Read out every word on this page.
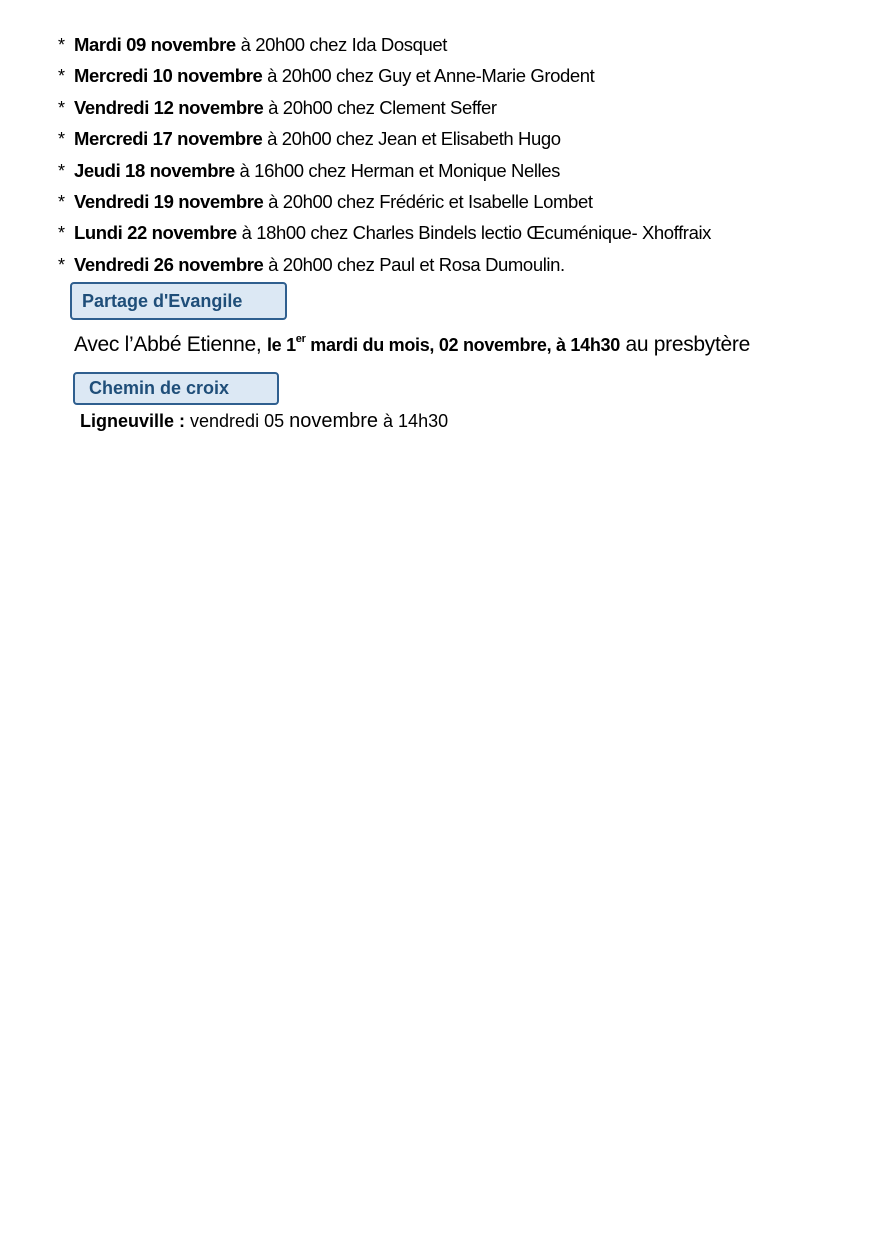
* Mardi 09 novembre à 20h00 chez Ida Dosquet
* Mercredi 10 novembre à 20h00 chez Guy et Anne-Marie Grodent
* Vendredi 12 novembre à 20h00 chez Clement Seffer
* Mercredi 17 novembre à 20h00 chez Jean et Elisabeth Hugo
* Jeudi 18 novembre à 16h00 chez Herman et Monique Nelles
* Vendredi 19 novembre à 20h00 chez Frédéric et Isabelle Lombet
* Lundi 22 novembre à 18h00 chez Charles Bindels lectio Œcuménique- Xhoffraix
* Vendredi 26 novembre à 20h00 chez Paul et Rosa Dumoulin.
Partage d'Evangile
Avec l’Abbé Etienne, le 1er mardi du mois, 02 novembre, à 14h30 au presbytère
Chemin de croix
Ligneuville : vendredi 05 novembre à 14h30
